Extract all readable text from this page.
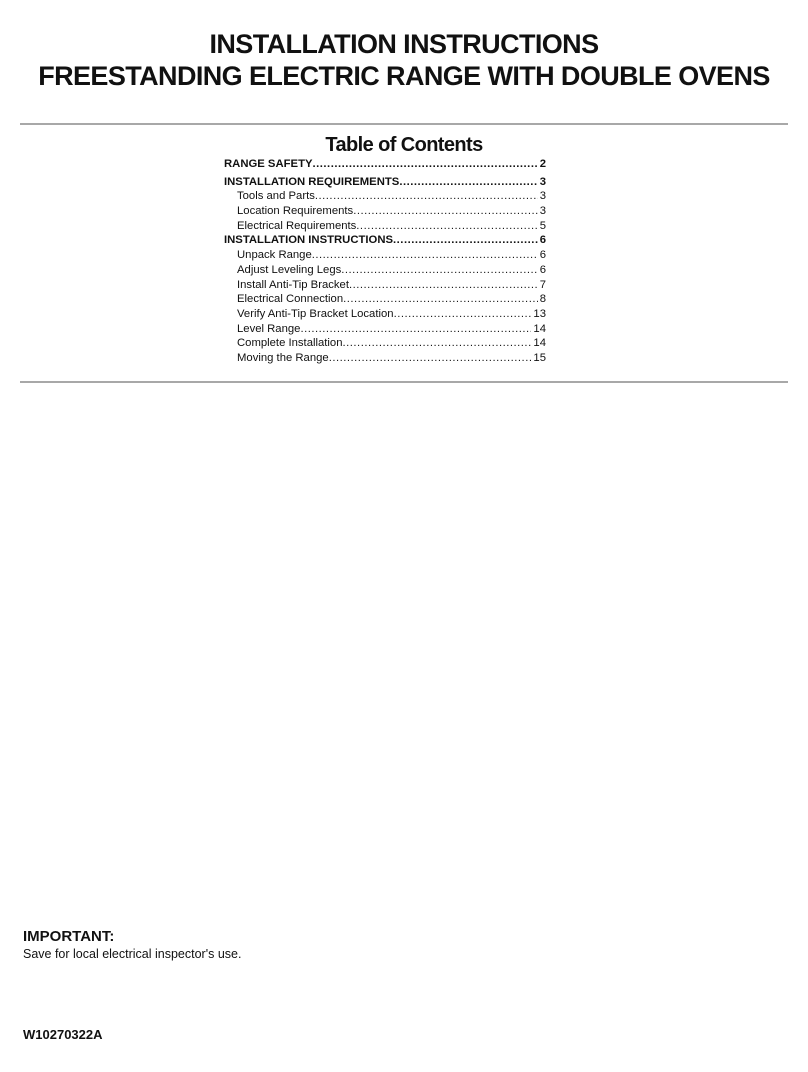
INSTALLATION INSTRUCTIONS
FREESTANDING ELECTRIC RANGE WITH DOUBLE OVENS
Table of Contents
RANGE SAFETY .....	2
INSTALLATION REQUIREMENTS .....	3
Tools and Parts .....	3
Location Requirements .....	3
Electrical Requirements .....	5
INSTALLATION INSTRUCTIONS .....	6
Unpack Range .....	6
Adjust Leveling Legs .....	6
Install Anti-Tip Bracket .....	7
Electrical Connection .....	8
Verify Anti-Tip Bracket Location .....	13
Level Range .....	14
Complete Installation .....	14
Moving the Range .....	15
IMPORTANT:
Save for local electrical inspector's use.
W10270322A
